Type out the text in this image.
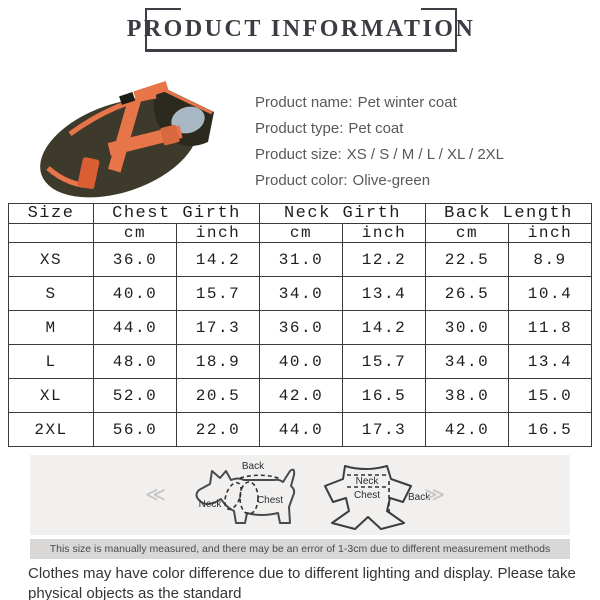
PRODUCT INFORMATION
Product name: Pet winter coat
Product type: Pet coat
Product size: XS / S / M / L / XL / 2XL
Product color: Olive-green
Size	Chest Girth		Neck Girth		Back Length	
	cm	inch	cm	inch	cm	inch
XS	36.0	14.2	31.0	12.2	22.5	8.9
S	40.0	15.7	34.0	13.4	26.5	10.4
M	44.0	17.3	36.0	14.2	30.0	11.8
L	48.0	18.9	40.0	15.7	34.0	13.4
XL	52.0	20.5	42.0	16.5	38.0	15.0
2XL	56.0	22.0	44.0	17.3	42.0	16.5
≪
Back
Neck	Chest
Neck
Chest	Back
≫
This size is manually measured, and there may be an error of 1-3cm due to different measurement methods
Clothes may have color difference due to different lighting and display. Please take physical objects as the standard
